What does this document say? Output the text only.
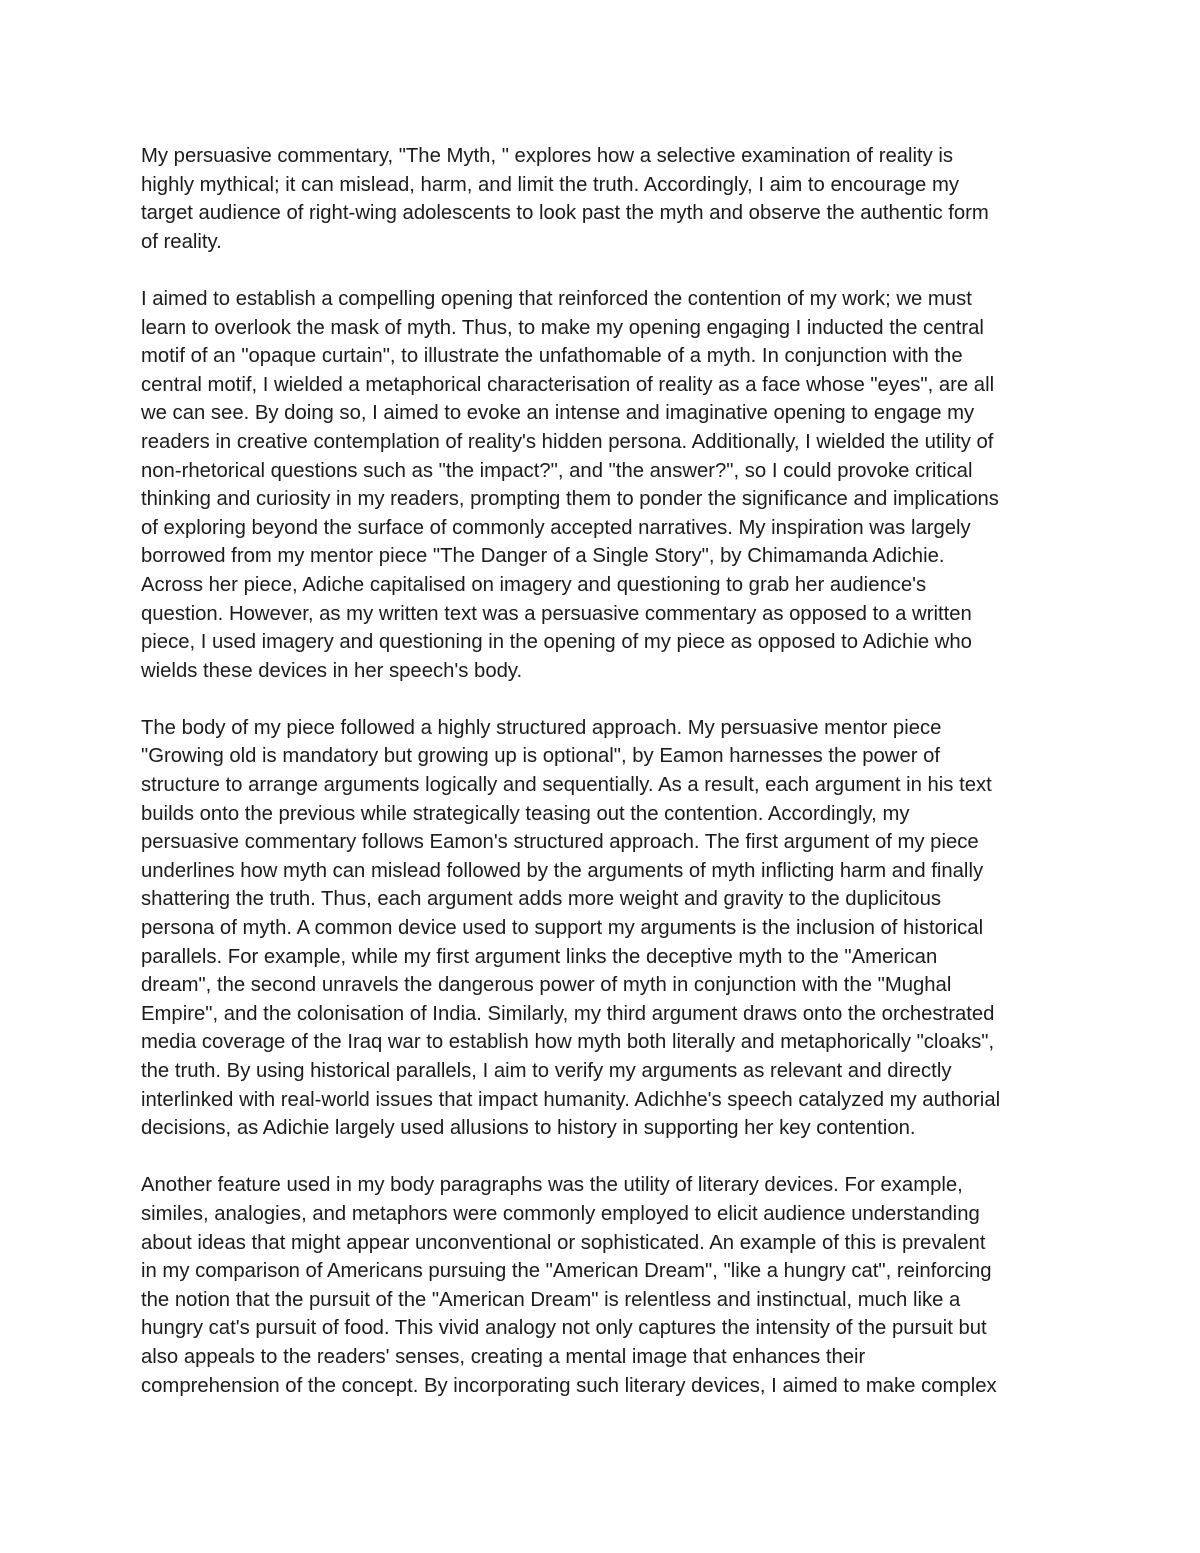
My persuasive commentary, "The Myth, " explores how a selective examination of reality is
highly mythical; it can mislead, harm, and limit the truth. Accordingly, I aim to encourage my
target audience of right-wing adolescents to look past the myth and observe the authentic form
of reality.

I aimed to establish a compelling opening that reinforced the contention of my work; we must
learn to overlook the mask of myth. Thus, to make my opening engaging I inducted the central
motif of an "opaque curtain", to illustrate the unfathomable of a myth. In conjunction with the
central motif, I wielded a metaphorical characterisation of reality as a face whose "eyes", are all
we can see. By doing so, I aimed to evoke an intense and imaginative opening to engage my
readers in creative contemplation of reality's hidden persona. Additionally, I wielded the utility of
non-rhetorical questions such as "the impact?", and "the answer?", so I could provoke critical
thinking and curiosity in my readers, prompting them to ponder the significance and implications
of exploring beyond the surface of commonly accepted narratives. My inspiration was largely
borrowed from my mentor piece "The Danger of a Single Story", by Chimamanda Adichie.
Across her piece, Adiche capitalised on imagery and questioning to grab her audience's
question. However, as my written text was a persuasive commentary as opposed to a written
piece, I used imagery and questioning in the opening of my piece as opposed to Adichie who
wields these devices in her speech's body.

The body of my piece followed a highly structured approach. My persuasive mentor piece
"Growing old is mandatory but growing up is optional", by Eamon harnesses the power of
structure to arrange arguments logically and sequentially. As a result, each argument in his text
builds onto the previous while strategically teasing out the contention. Accordingly, my
persuasive commentary follows Eamon's structured approach. The first argument of my piece
underlines how myth can mislead followed by the arguments of myth inflicting harm and finally
shattering the truth. Thus, each argument adds more weight and gravity to the duplicitous
persona of myth. A common device used to support my arguments is the inclusion of historical
parallels. For example, while my first argument links the deceptive myth to the "American
dream", the second unravels the dangerous power of myth in conjunction with the "Mughal
Empire", and the colonisation of India. Similarly, my third argument draws onto the orchestrated
media coverage of the Iraq war to establish how myth both literally and metaphorically "cloaks",
the truth. By using historical parallels, I aim to verify my arguments as relevant and directly
interlinked with real-world issues that impact humanity. Adichhe's speech catalyzed my authorial
decisions, as Adichie largely used allusions to history in supporting her key contention.

Another feature used in my body paragraphs was the utility of literary devices. For example,
similes, analogies, and metaphors were commonly employed to elicit audience understanding
about ideas that might appear unconventional or sophisticated. An example of this is prevalent
in my comparison of Americans pursuing the "American Dream", "like a hungry cat", reinforcing
the notion that the pursuit of the "American Dream" is relentless and instinctual, much like a
hungry cat's pursuit of food. This vivid analogy not only captures the intensity of the pursuit but
also appeals to the readers' senses, creating a mental image that enhances their
comprehension of the concept. By incorporating such literary devices, I aimed to make complex
